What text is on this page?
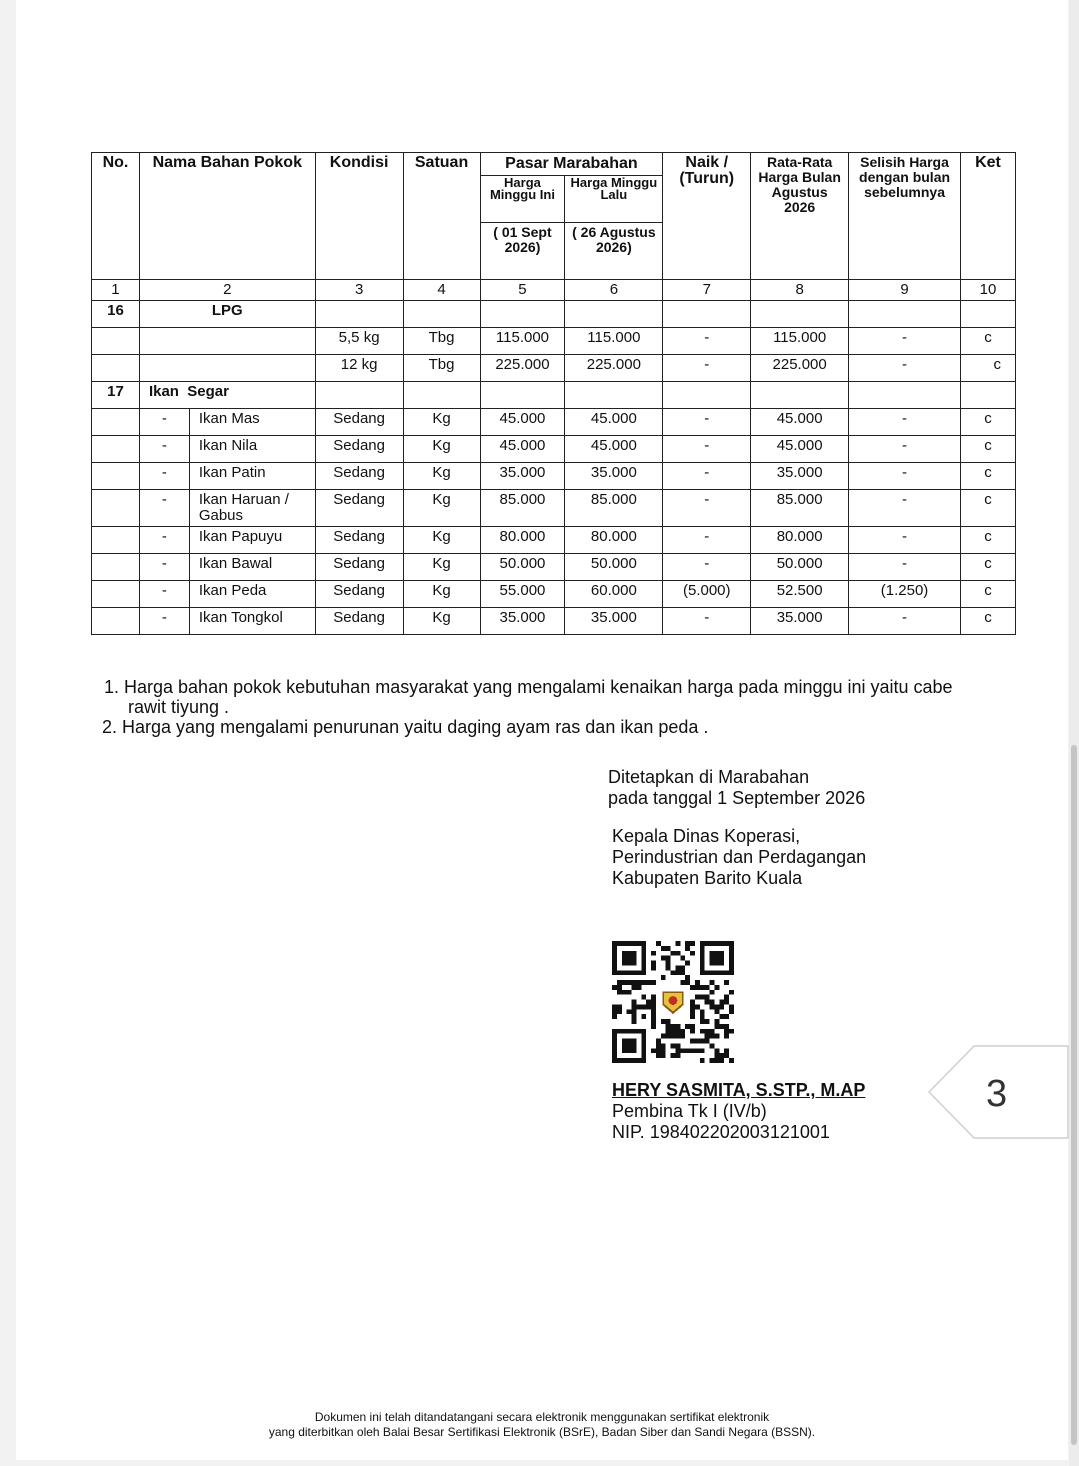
No.	Nama Bahan Pokok		Kondisi	Satuan	Pasar Marabahan		Naik / (Turun)	Rata-Rata Harga Bulan Agustus 2026	Selisih Harga dengan bulan sebelumnya	Ket
					Harga Minggu Ini	Harga Minggu Lalu				
					( 01 Sept 2026)	( 26 Agustus 2026)				
1	2		3	4	5	6	7	8	9	10
16	LPG									
			5,5 kg	Tbg	115.000	115.000	-	115.000	-	c
			12 kg	Tbg	225.000	225.000	-	225.000	-	c
17	Ikan  Segar									
	-	Ikan Mas	Sedang	Kg	45.000	45.000	-	45.000	-	c
	-	Ikan Nila	Sedang	Kg	45.000	45.000	-	45.000	-	c
	-	Ikan Patin	Sedang	Kg	35.000	35.000	-	35.000	-	c
	-	Ikan Haruan / Gabus	Sedang	Kg	85.000	85.000	-	85.000	-	c
	-	Ikan Papuyu	Sedang	Kg	80.000	80.000	-	80.000	-	c
	-	Ikan Bawal	Sedang	Kg	50.000	50.000	-	50.000	-	c
	-	Ikan Peda	Sedang	Kg	55.000	60.000	(5.000)	52.500	(1.250)	c
	-	Ikan Tongkol	Sedang	Kg	35.000	35.000	-	35.000	-	c
1. Harga bahan pokok kebutuhan masyarakat yang mengalami kenaikan harga pada minggu ini yaitu cabe rawit tiyung .
2. Harga yang mengalami penurunan yaitu daging ayam ras dan ikan peda .
Ditetapkan di Marabahan
pada tanggal 1 September 2026
Kepala Dinas Koperasi,
Perindustrian dan Perdagangan
Kabupaten Barito Kuala
HERY SASMITA, S.STP., M.AP
Pembina Tk I (IV/b)
NIP. 198402202003121001
3
Dokumen ini telah ditandatangani secara elektronik menggunakan sertifikat elektronik
yang diterbitkan oleh Balai Besar Sertifikasi Elektronik (BSrE), Badan Siber dan Sandi Negara (BSSN).
